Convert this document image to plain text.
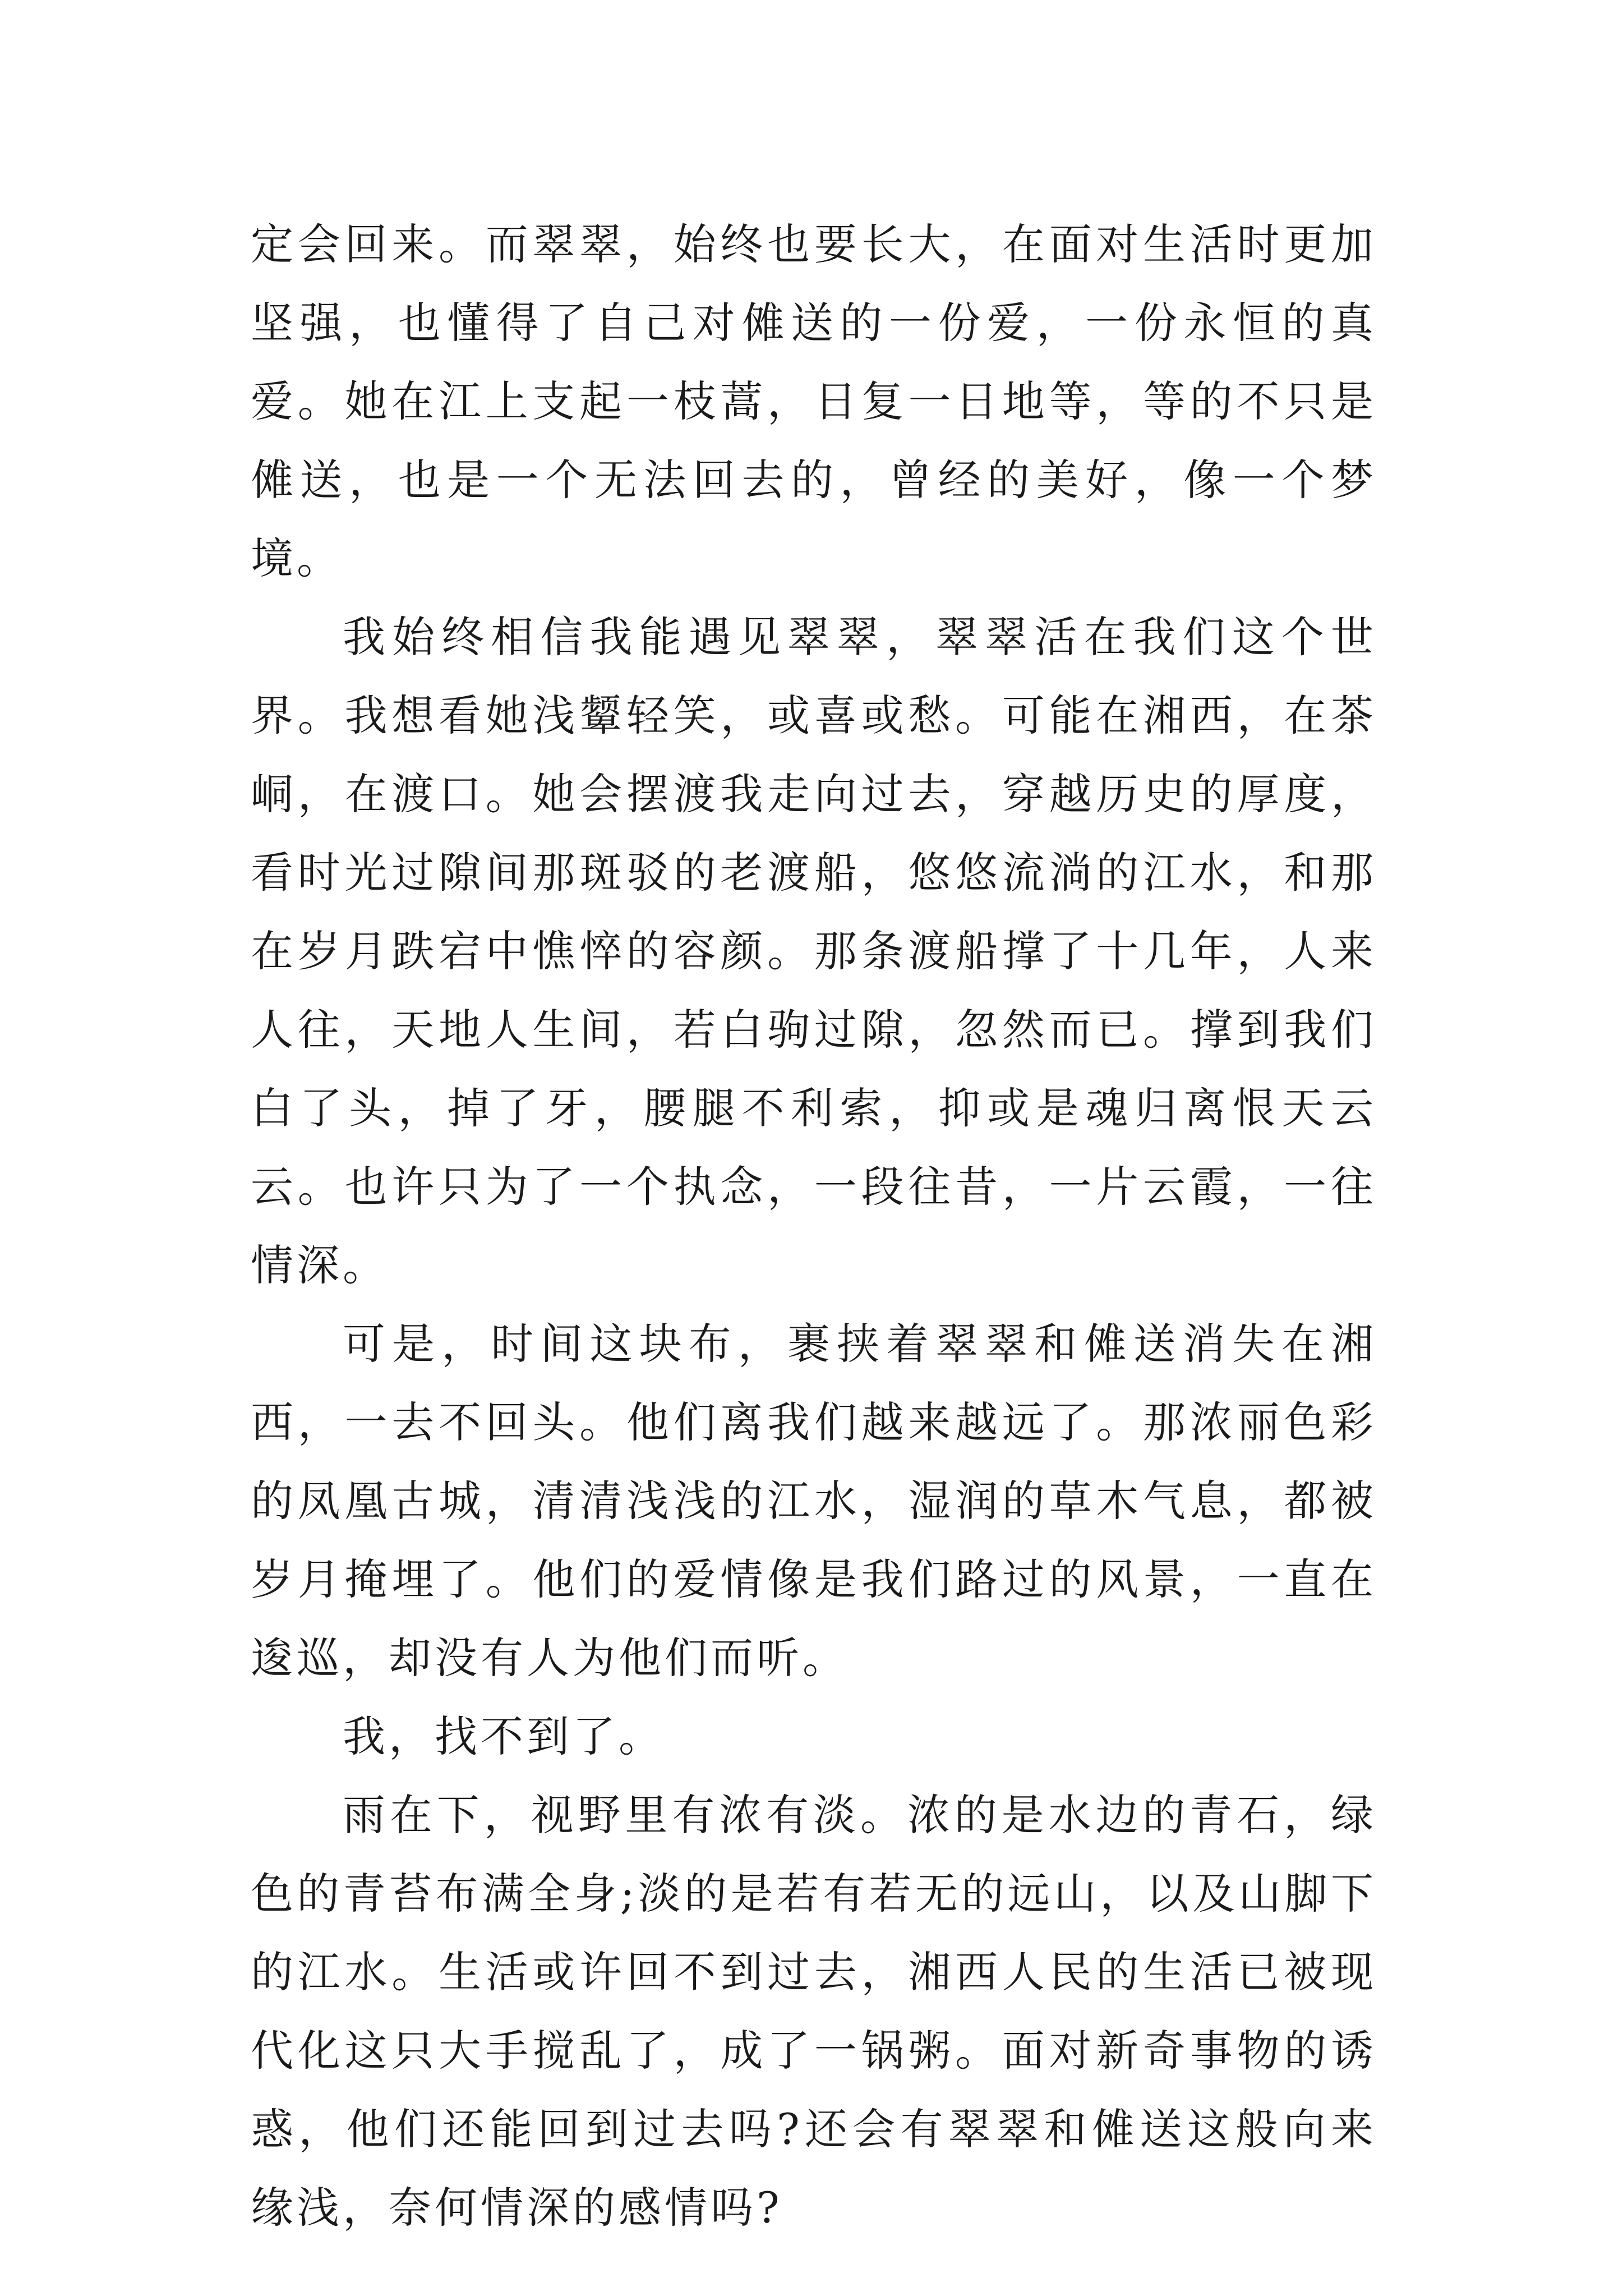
定会回来。而翠翠，始终也要长大，在面对生活时更加坚强，也懂得了自己对傩送的一份爱，一份永恒的真爱。她在江上支起一枝蒿，日复一日地等，等的不只是傩送，也是一个无法回去的，曾经的美好，像一个梦境。

我始终相信我能遇见翠翠，翠翠活在我们这个世界。我想看她浅颦轻笑，或喜或愁。可能在湘西，在茶峒，在渡口。她会摆渡我走向过去，穿越历史的厚度，看时光过隙间那斑驳的老渡船，悠悠流淌的江水，和那在岁月跌宕中憔悴的容颜。那条渡船撑了十几年，人来人往，天地人生间，若白驹过隙，忽然而已。撑到我们白了头，掉了牙，腰腿不利索，抑或是魂归离恨天云云。也许只为了一个执念，一段往昔，一片云霞，一往情深。

可是，时间这块布，裹挟着翠翠和傩送消失在湘西，一去不回头。他们离我们越来越远了。那浓丽色彩的凤凰古城，清清浅浅的江水，湿润的草木气息，都被岁月掩埋了。他们的爱情像是我们路过的风景，一直在逡巡，却没有人为他们而听。

我，找不到了。

雨在下，视野里有浓有淡。浓的是水边的青石，绿色的青苔布满全身;淡的是若有若无的远山，以及山脚下的江水。生活或许回不到过去，湘西人民的生活已被现代化这只大手搅乱了，成了一锅粥。面对新奇事物的诱惑，他们还能回到过去吗?还会有翠翠和傩送这般向来缘浅，奈何情深的感情吗?
